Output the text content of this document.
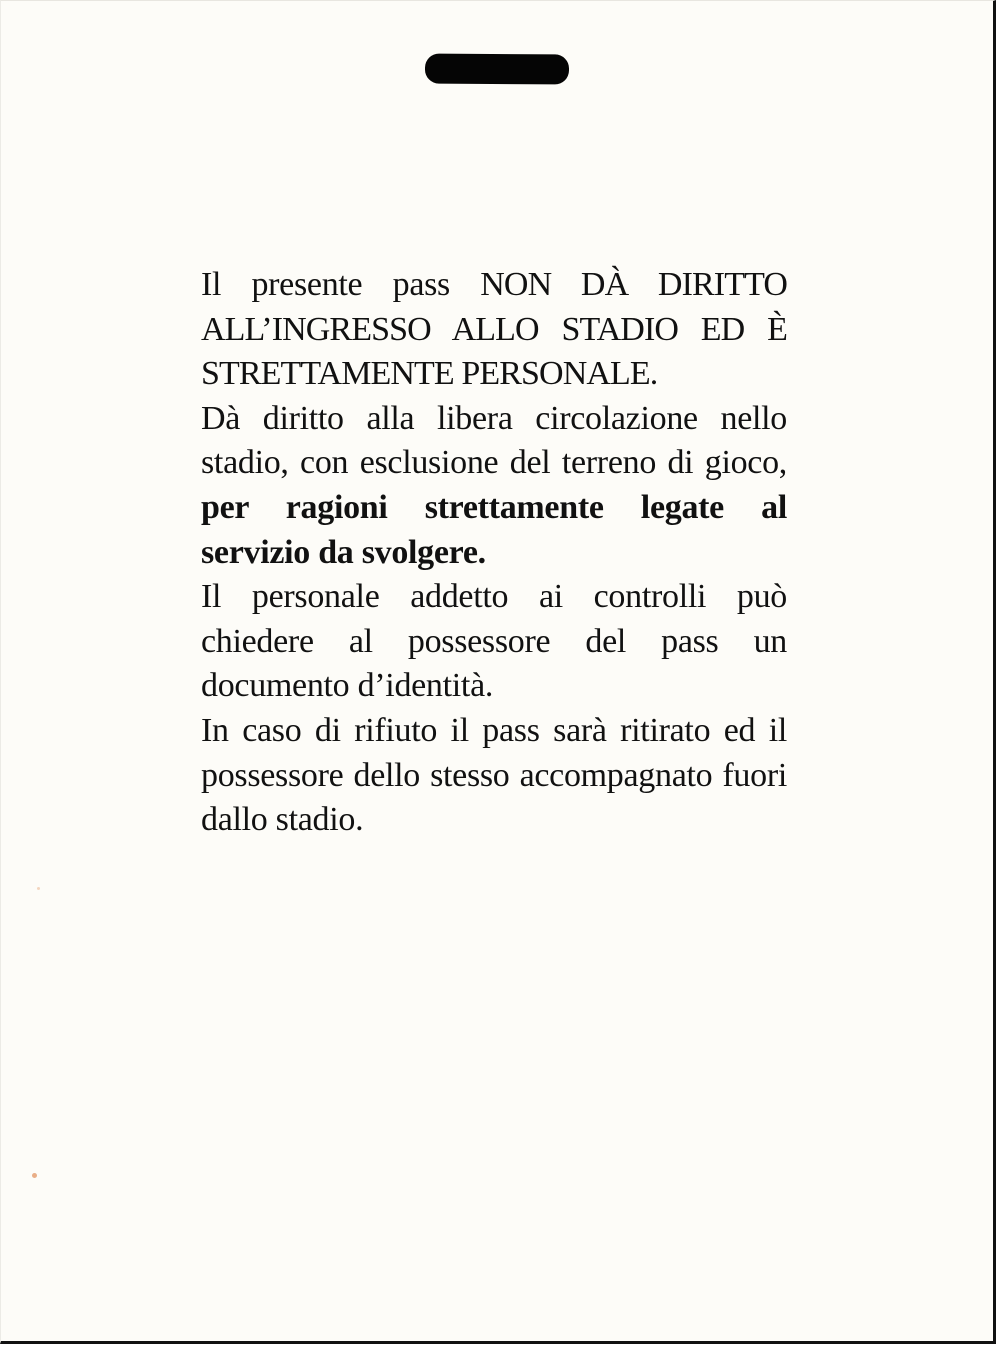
Il presente pass NON DÀ DIRITTO ALL’INGRESSO ALLO STADIO ED È STRETTAMENTE PERSONALE.

Dà diritto alla libera circolazione nello stadio, con esclusione del terreno di gioco, per ragioni strettamente legate al servizio da svolgere.

Il personale addetto ai controlli può chiedere al possessore del pass un documento d’identità.

In caso di rifiuto il pass sarà ritirato ed il possessore dello stesso accompagnato fuori dallo stadio.
